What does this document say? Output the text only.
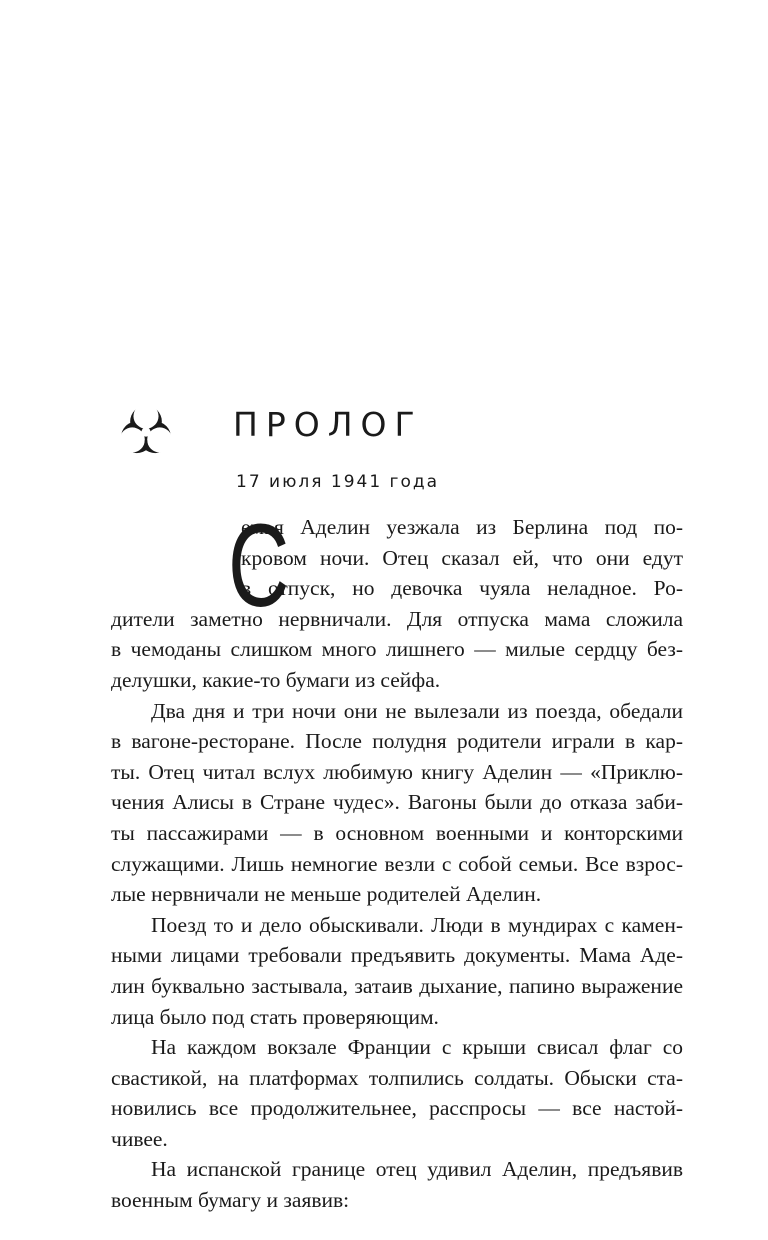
ПРОЛОГ
17 июля 1941 года
С
емья Аделин уезжала из Берлина под по-
кровом ночи. Отец сказал ей, что они едут
в отпуск, но девочка чуяла неладное. Ро-
дители заметно нервничали. Для отпуска мама сложила
в чемоданы слишком много лишнего — милые сердцу без-
делушки, какие-то бумаги из сейфа.
Два дня и три ночи они не вылезали из поезда, обедали
в вагоне-ресторане. После полудня родители играли в кар-
ты. Отец читал вслух любимую книгу Аделин — «Приклю-
чения Алисы в Стране чудес». Вагоны были до отказа заби-
ты пассажирами — в основном военными и конторскими
служащими. Лишь немногие везли с собой семьи. Все взрос-
лые нервничали не меньше родителей Аделин.
Поезд то и дело обыскивали. Люди в мундирах с камен-
ными лицами требовали предъявить документы. Мама Аде-
лин буквально застывала, затаив дыхание, папино выражение
лица было под стать проверяющим.
На каждом вокзале Франции с крыши свисал флаг со
свастикой, на платформах толпились солдаты. Обыски ста-
новились все продолжительнее, расспросы — все настой-
чивее.
На испанской границе отец удивил Аделин, предъявив
военным бумагу и заявив:
